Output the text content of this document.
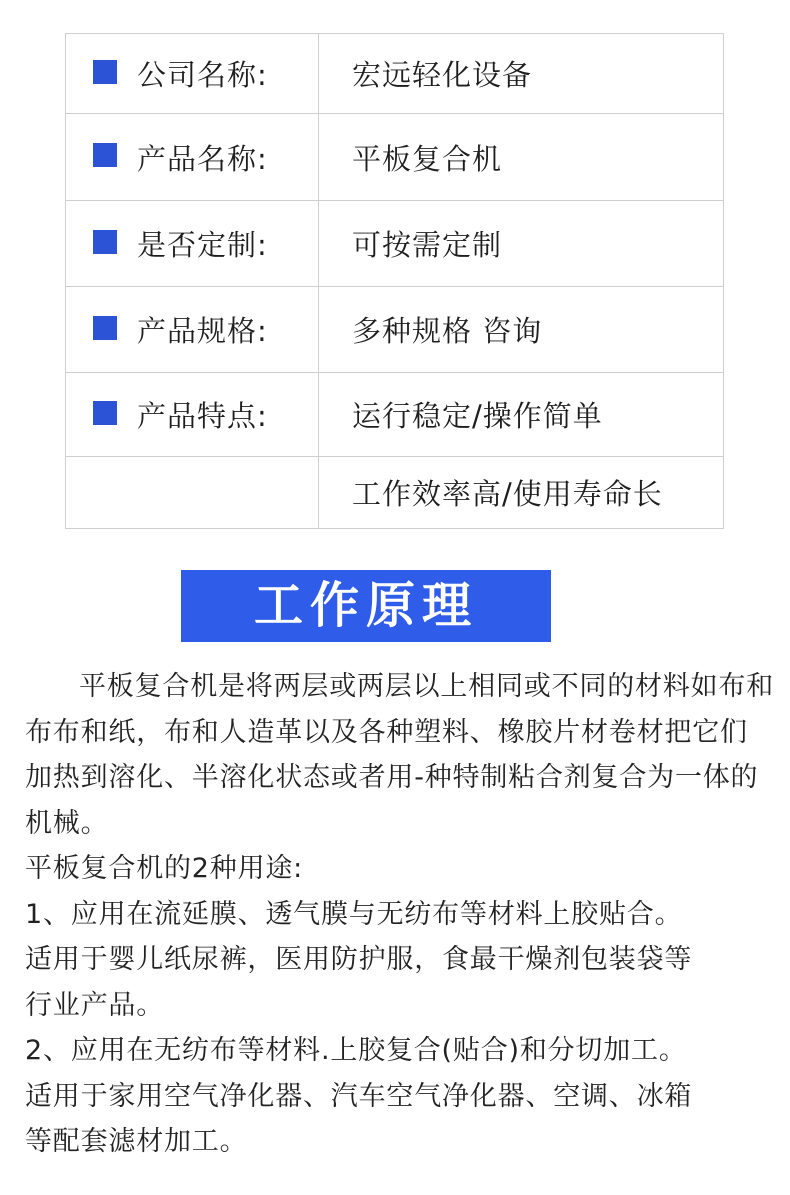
公司名称:	宏远轻化设备
产品名称:	平板复合机
是否定制:	可按需定制
产品规格:	多种规格 咨询
产品特点:	运行稳定/操作简单
	工作效率高/使用寿命长
工作原理

平板复合机是将两层或两层以上相同或不同的材料如布和布布和纸，布和人造革以及各种塑料、橡胶片材卷材把它们加热到溶化、半溶化状态或者用-种特制粘合剂复合为一体的机械。

平板复合机的2种用途:

1、应用在流延膜、透气膜与无纺布等材料上胶贴合。

适用于婴儿纸尿裤，医用防护服，食最干燥剂包装袋等

行业产品。

2、应用在无纺布等材料.上胶复合(贴合)和分切加工。

适用于家用空气净化器、汽车空气净化器、空调、冰箱

等配套滤材加工。
